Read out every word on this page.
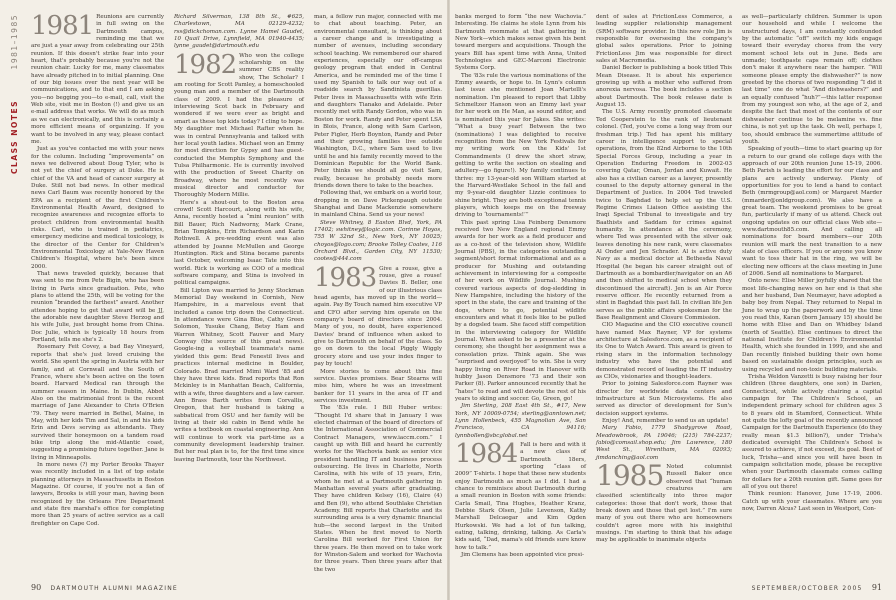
1981–1985
CLASS NOTES
1981 Reunions are currently in full swing on the Dartmouth campus, reminding me that we are just a year away from celebrating our 25th reunion. If this doesn't strike fear into your heart, that's probably because you're not the reunion chair. Lucky for me, many classmates have already pitched in to initial planning. One of our big issues over the next year will be communications, and to that end I am asking you—no begging you—to e-mail, call, visit the Web site, visit me in Boston (!) and give us an e-mail address that works. We will do as much as we can electronically, and this is certainly a more efficient means of organizing. If you want to be involved in any way, please contact me.

Just as you've contacted me with your news for the column. Including “improvements” on news we delivered about Doug Tyler, who is not yet the chief of surgery at Duke. He is chief of the VA and head of cancer surgery at Duke. Still not bad news. In other medical news Carl Baum was recently honored by the EPA as a recipient of the first Children's Environmental Health Award, designed to recognize awareness and recognize efforts to protect children from environmental health risks. Carl, who is trained in pediatrics, emergency medicine and medical toxicology, is the director of the Center for Children's Environmental Toxicology at Yale-New Haven Children's Hospital, where he's been since 2000.

That news traveled quickly, because that was sent to me from Pete Bigin, who has been living in Paris since graduation. Pete, who plans to attend the 25th, will be voting for the reunion “branded the farthest” award. Another attendee hoping to get that award will be JJ, the adorable new daughter Steve Herzog and his wife Julie, just brought home from China. Doc Julie, which is typically 18 hours from Portland, tells me she's 2.

Rosemary Feit Covey, a bad Bay Vineyard, reports that she's just loved cruising the world. She spent the spring in Austria with her family, and at Cornwall and the South of France, where she's been active on the town board. Harvard Medical ran through the summer season in Maine. In Dublin, Abbot Also on the matrimonial front is the recent marriage of Jane Alexander to Chris O'Brien '79. They were married in Bethel, Maine, in May, with her kids Tim and Sal, in and his kids Erin and Devs serving as attendants. They survived their honeymoon on a tandem road bike trip along the mid-Atlantic coast, suggesting a promising future together. Jane is living in Minneapolis.

In more news (?) my Porter Brooks Thayer was recently included in a list of top estate planning attorneys in Massachusetts in Boston Magazine. Of course, if you're not a fan of lawyers, Brooks is still your man, having been recognized by the Orleans Fire Department and state fire marshal's office for completing more than 25 years of active service as a call firefighter on Cape Cod.

Richard Silverman, 138 8th St., #625, Charlestown, MA 02129-4232; rss@dickchoman.com. Lynne Hamel Gaudet, 10 Quail Drive, Lynnfield, MA 01940-4435; lynne_gaudet@dartmouth.edu

1982 Who won the college scholarship on the summer CBS reality show, The Scholar? I am rooting for Scott Pamley, a homeschooled young man and a member of the Dartmouth class of 2009. I had the pleasure of interviewing Scot back in February and wondered if we were ever as bright and smart as these top kids today? I cling to hope. My daughter met Michael Rafter when he was in central Pennsylvania and talked with her local youth ladies. Michael won an Emmy for most direction for Gypsy and has guest-conducted the Memphis Symphony and the Tulsa Philharmonic. He is currently involved with the production of Sweet Charity on Broadway, where he most recently was musical director and conductor for Thoroughly Modern Millie.

Here's a shout-out to the Boston area crowd! Scott Harcourt, along with his wife, Anna, recently hosted a “mini reunion” with Bill Bauer, Rich Nadworny, Mark Crane, Brian Tompkins, Erin Richardson and Karin Rothwell. A pre-wedding event was also attended by Joanne McMullen and George Huntington. Rick and Stina became parents last October, welcoming Isaac Tate into this world. Rick is working as COO of a medical software company, and Stina is involved in political campaigns.

Bill Lipton was married to Jenny Stockman Memorial Day weekend in Cornish, New Hampshire, in a marvelous event that included a canoe trip down the Connecticut. In attendance were Gina Blue, Cathy Green Solomon, Yusuke Chang, Betsy Ham and Warren Whitney, Scott Fauver and Mary Conway (the source of this great news). Google-ing a volleyball teammate's name yielded this gem: Brad Fenestil lives and practices internal medicine in Boulder, Colorado. Brad married Mimi Ward '85 and they have three kids. Brad reports that Ron Mckinley is in Manhattan Beach, California, with a wife, three daughters and a law career. Ann Brass Barth writes from Corvallis, Oregon, that her husband is taking a sabbatical from OSU and her family will be living at their ski cabin in Bend while he writes a textbook on coastal engineering. Ann will continue to work via part-time as a community development leadership trainer. But her real plan is to, for the first time since leaving Dartmouth, tour the Northwest.

man, a fellow run major, connected with me to chat about teaching. Peter, an environmental consultant, is thinking about a career change and is investigating a number of avenues, including secondary school teaching. We remembered our shared experiences, especially our off-campus geology program that ended in Central America, and he reminded me of the time I used my Spanish to talk our way out of a roadside search by Sandinista guerillas. Peter lives in Massachusetts with wife Erin and daughters Tianako and Adelaide. Peter recently met with Randy Gordon, who was in Boston for work. Randy and Peter spent LSA in Blois, France, along with Sam Carlson, Peter Figler, Herb Boynton, Randy and Peter and their growing families live outside Washington, D.C., where Sam used to live until he and his family recently moved to the Dominican Republic for the World Bank. Peter thinks we should all go visit Sam, really, because he probably needs more friends down there to take to the beaches.

Following that, we embark on a world tour, dropping in on Dave Pickenpaugh outside Shanghai and Dane Mackenzie somewhere in mainland China. Send us your news!

Steve Whitney, 8 Easton Blvd, York, PA 17402; swhitney@logic.com. Corinne Hoyos, 755 W 32nd St., New York, NY 10025; choyos@logo.com; Brooke Tolley Coates, 116 Orchard Blvd., Garden City, NY 11530; cootes@444.com

1983 Give a rouse, give a rouse, give a rouse! Davies B. Beller, one of our illustrious class head agents, has moved up in the world—again. Pay By Touch named him executive VP and CFO after serving him operate on the company's board of directors since 2004. Many of you, no doubt, have experienced Davies' brand of influence when asked to give to Dartmouth on behalf of the class. So go on down to the local Piggly Wiggly grocery store and use your index finger to pay by touch!

More stories to come about this fine service. Davies promises. Bear Stearns will miss him, where he was an investment banker for 11 years in the area of IT and services investment.

The '83s rule. I Bill Huber writes: “Thought I'd share that in January I was elected chairman of the board of directors of the International Association of Commercial Contract Managers, www.iaccm.com.” I caught up with Bill and heard he currently works for the Wachovia bank as senior vice president handling IT and business process outsourcing. He lives in Charlotte, North Carolina, with his wife of 15 years, Erin, whom he met at a Dartmouth gathering in Manhattan several years after graduating. They have children Kelsey (16), Claire (4) and Ben (9), who attend Southlake Christian Academy. Bill reports that Charlotte and its surrounding area is a very dynamic financial hub—the second largest in the United States. When he first moved to North Carolina Bill worked for First Union for three years. He then moved on to take work for Winston-Salem and worked for Wachovia for three years. Then three years after that the two

90 DARTMOUTH ALUMNI MAGAZINE

banks merged to form “the new Wachovia.” Interesting. He claims he stole Lynn from his Dartmouth roommate at that gathering in New York—which makes sense given his bent toward mergers and acquisitions. Though the years Bill has spent time with Anna, United Technologies and GEC-Marconi Electronic Systems Corp.

The '83s rule the various nominations of the Emmy awards, or hope to. In Lynn's column last issue she mentioned Joan Martelli's nomination. I'm pleased to report that Libby Schmeltzer Hanson won an Emmy last year for her work on He Man, as sound editor, and is nominated this year for Jakes. She writes: “What a busy year! Between the two (nominations) I was delighted to receive recognition from the New York Festivals for my writing work on the Kids' 1st Commandments (I drew the short straw, getting to write the section on stealing and adultery—go figure!). My family continues to thrive: my 13-year-old son William started at the Harvard-Westlake School in the fall and my 9-year-old daughter Lizzie continues to shine bright. They are both exceptional tennis players, which keeps me on the freeway driving to ‘tournaments!’”

This past spring Lisa Feinberg Densmore received two New England regional Emmy awards for her work as a field producer and as a co-host of the television show, Wildlife Journal (PBS), in the categories outstanding segment/short format informational and as a producer for Mushing and outstanding achievement in interviewing for a composite of her work on Wildlife Journal. Mushing covered various aspects of dog-sledding in New Hampshire, including the history of the sport in the state, the care and training of the dogs, where to go, potential wildlife encounters and what it feels like to be pulled by a dogsled team. She faced stiff competition in the interviewing category for Wildlife Journal. When asked to be a presenter at the ceremony, she thought her assignment was a consolation prize. Think again. She was “surprised and overjoyed” to win. She is very happy living on River Road in Hanover with hubby Jason Densmore '73 and their son Parker (8). Parker announced recently that he “hates” to read and will devote the rest of his years to skiing and soccer. Go, Green, go!

Jim Sterling, 208 East 4th St., #17, New York, NY 10009-0754; sterling@anntown.net; Lynn Hollenbeck, 455 Magnolian Ave, San Francisco, CA 94116; lynnbollen@sbcglobal.net

1984 Fall is here and with it a new class of Dartmouth 18ers, sporting “class of 2009” T-shirts. I hope that these new students enjoy Dartmouth as much as I did. I had a chance to reminisce about Dartmouth during a small reunion in Boston with some friends: Carla Smail, Tina Hughes, Heather Kranz, Debbie Stark Olsen, Julie Levenson, Kathy Marshall Delcaegar and Kim Ogden Hurkowski. We had a lot of fun talking, eating, talking, drinking, talking. As Carla's kids said, “Dad, mama's old friends sure know how to talk.”

Jim Clemens has been appointed vice presi-

dent of sales at FrictionLess Commerce, a leading supplier relationship management (SRM) software provider. In this new role Jim is responsible for overseeing the company's global sales operations. Prior to joining FrictionLess Jim was responsible for direct sales at Macromedia.

Daniel Becker is publishing a book titled This Mean Disease. It is about his experience growing up with a mother who suffered from anorexia nervosa. The book includes a section about Dartmouth. The book release date is August 15.

The U.S. Army recently promoted classmate Ted Cooperstein to the rank of lieutenant colonel. (Ted, you've come a long way from our freshman trip.) Ted has spent his military career in intelligence support to special operations, from the 82nd Airborne to the 10th Special Forces Group, including a year in Operation Enduring Freedom in 2002-03 covering Qatar, Oman, Jordan and Kuwait. He also has a civilian career as a lawyer, presently counsel to the deputy attorney general in the Department of Justice. In 2004 Ted traveled twice to Baghdad to help set up the U.S. Regime Crimes Liaison Office assisting the Iraqi Special Tribunal to investigate and try Baathists and Saddam for crimes against humanity. In attendance at the ceremony, where Ted was presented with the silver oak leaves denoting his new rank, were classmates Al Onder and Jen Schrader. Al is active duty Navy as a medical doctor at Bethesda Naval Hospital (he began his career straight out of Dartmouth as a bombardier/navigator on an A6 and then shifted to medical school when they discontinued the aircraft). Jen is an Air Force reserve officer. He recently returned from a stint in Baghdad this past fall. In civilian life Jen serves as the public affairs spokesman for the Base Realignment and Closure Commission.

CIO Magazine and the CIO executive council have named Max Rayner, VP for systems architecture at Salesforce.com, as a recipient of its One to Watch Award. This award is given to rising stars in the information technology industry who have the potential and demonstrated record of leading the IT industry as CIOs, visionaries and thought-leaders.

Prior to joining Salesforce.com Rayner was director for worldwide data centers and infrastructure at Sun Microsystems. He also served as director of development for Sun's decision support systems.

Enjoy! And, remember to send us an update!

Mary Fabio, 1779 Shadygrove Road, Meadowbrook, PA 19046; (215) 784-2237; fabio@comsail.shop.edu; Jim Lawrence, 180 West St., Wrentham, MA 02093; jimdanching@aol.com

1985 Noted columnist Russell Baker once observed that “human creatures are classified scientifically into three major categories: those that don't work, those that break down and those that get lost.” I'm sure many of you out there who are homeowners couldn't agree more with his insightful musings. I'm starting to think that his adage may be applicable to inanimate objects

as well—particularly children. Summer is upon our household and while I welcome the unstructured days, I am constantly confounded by the automatic “off” switch my kids engage toward their everyday chores from the very moment school lets out in June. Beds are unmade; toothpaste caps remain off; clothes don't make it anywhere near the hamper. “Will someone please empty the dishwasher?” is now greeted by the chorus of two responding “I did it last time” one do what “And dishwashers?” and an equally confused “huh?”—this latter response from my youngest son who, at the age of 2, and despite the fact that most of the contents of our dishwasher continue to be melamine vs. fine china, is not yet up the task. Oh well, perhaps I, too, should embrace the summertime attitude of youth.

Speaking of youth—time to start gearing up for a return to our grand ole college days with the approach of our 20th reunion June 15-19, 2006. Beth Parish is leading the effort for our class and plans are actively underway. Plenty of opportunities for you to lend a hand to contact Beth (mrmgroup@aol.com) or Margaret Marder (mmarder@onldgroup.com). We also have a great team. The weekend promises to be great fun, particularly if many of us attend. Check out ongoing updates on our official class Web site—www.dartmouth85.com. And calling all nominations for board members—our 20th reunion will mark the next transition to a new slate of class officers. If you or anyone you know want to toss their hat in the ring, we will be electing new officers at the class meeting in June of 2006. Send all nominations to Margaret.

Onto news: Elise Miller joyfully shared that the most life-changing news on her end is that she and her husband, Dan Neumayer, have adopted a baby boy from Nepal. They returned to Nepal in June to wrap up the paperwork and by the time you read this, Karan (born January 15) should be home with Elise and Dan on Whidbey Island (north of Seattle). Elise continues to direct the national Institute for Children's Environmental Health, which she founded in 1999, and she and Dan recently finished building their own home based on sustainable design principles, such as using recycled and non-toxic building materials.

Trisha Weldon Vanzetti is busy raising her four children (three daughters, one son) in Darien, Connecticut, while actively chairing a capital campaign for The Children's School, an independent primary school for children ages 3 to 8 years old in Stamford, Connecticut. While not quite the lofty goal of the recently announced Campaign for the Dartmouth Experience (do they really mean $1.3 billion?), under Trisha's dedicated oversight The Children's School is assured to achieve, if not exceed, its goal. Best of luck, Trisha—and since you will have been in campaign solicitation mode, please be receptive when your Dartmouth classmate comes calling for dollars for a 20th reunion gift. Same goes for all of you out there!

Think reunion: Hanover, June 17-19, 2006. Catch up with your classmates. Where are you now, Darren Alcus? Last seen in Westport, Con-

SEPTEMBER/OCTOBER 2005 91
